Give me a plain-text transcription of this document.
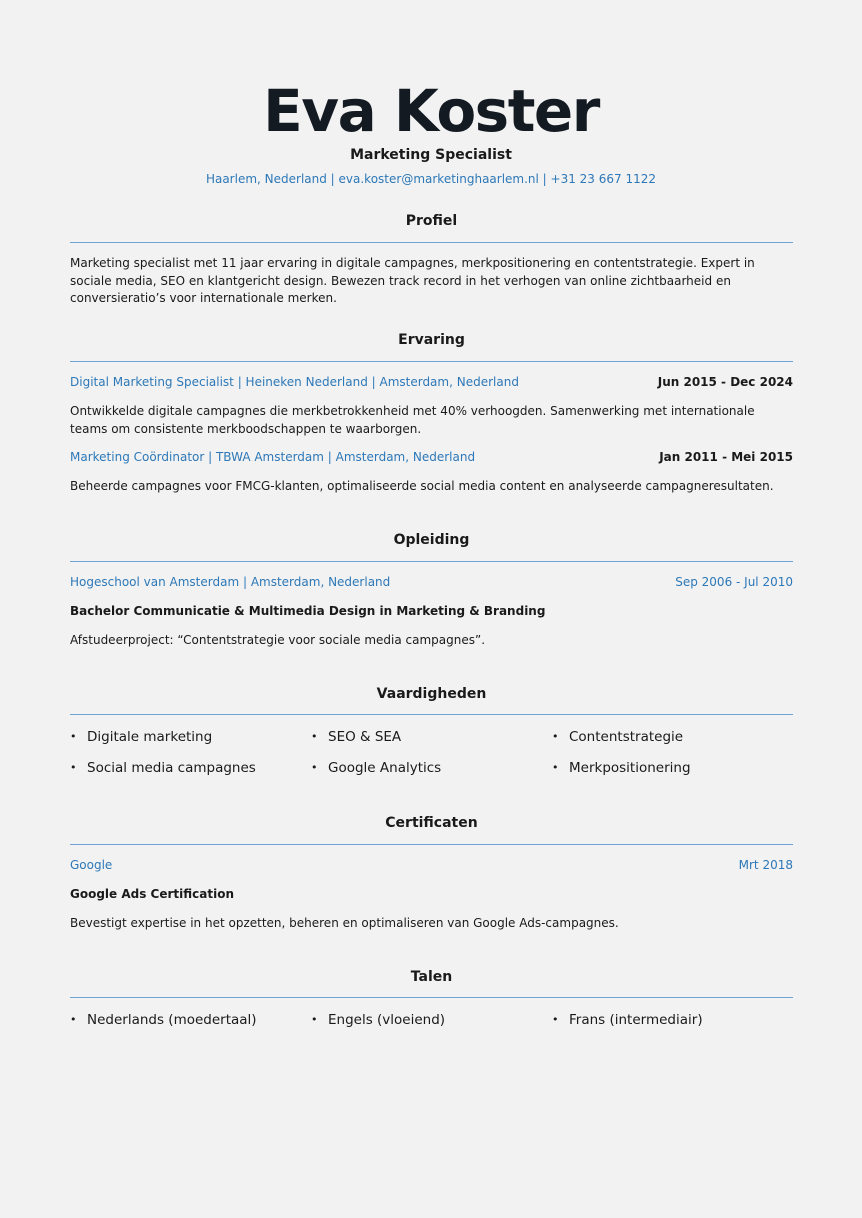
Eva Koster
Marketing Specialist
Haarlem, Nederland | eva.koster@marketinghaarlem.nl | +31 23 667 1122
Profiel
Marketing specialist met 11 jaar ervaring in digitale campagnes, merkpositionering en contentstrategie. Expert in sociale media, SEO en klantgericht design. Bewezen track record in het verhogen van online zichtbaarheid en conversieratio’s voor internationale merken.
Ervaring
Digital Marketing Specialist | Heineken Nederland | Amsterdam, Nederland	Jun 2015 - Dec 2024
Ontwikkelde digitale campagnes die merkbetrokkenheid met 40% verhoogden. Samenwerking met internationale teams om consistente merkboodschappen te waarborgen.
Marketing Coördinator | TBWA Amsterdam | Amsterdam, Nederland	Jan 2011 - Mei 2015
Beheerde campagnes voor FMCG-klanten, optimaliseerde social media content en analyseerde campagneresultaten.
Opleiding
Hogeschool van Amsterdam | Amsterdam, Nederland	Sep 2006 - Jul 2010
Bachelor Communicatie & Multimedia Design in Marketing & Branding
Afstudeerproject: “Contentstrategie voor sociale media campagnes”.
Vaardigheden
• Digitale marketing	• SEO & SEA	• Contentstrategie
• Social media campagnes	• Google Analytics	• Merkpositionering
Certificaten
Google	Mrt 2018
Google Ads Certification
Bevestigt expertise in het opzetten, beheren en optimaliseren van Google Ads-campagnes.
Talen
• Nederlands (moedertaal)	• Engels (vloeiend)	• Frans (intermediair)
